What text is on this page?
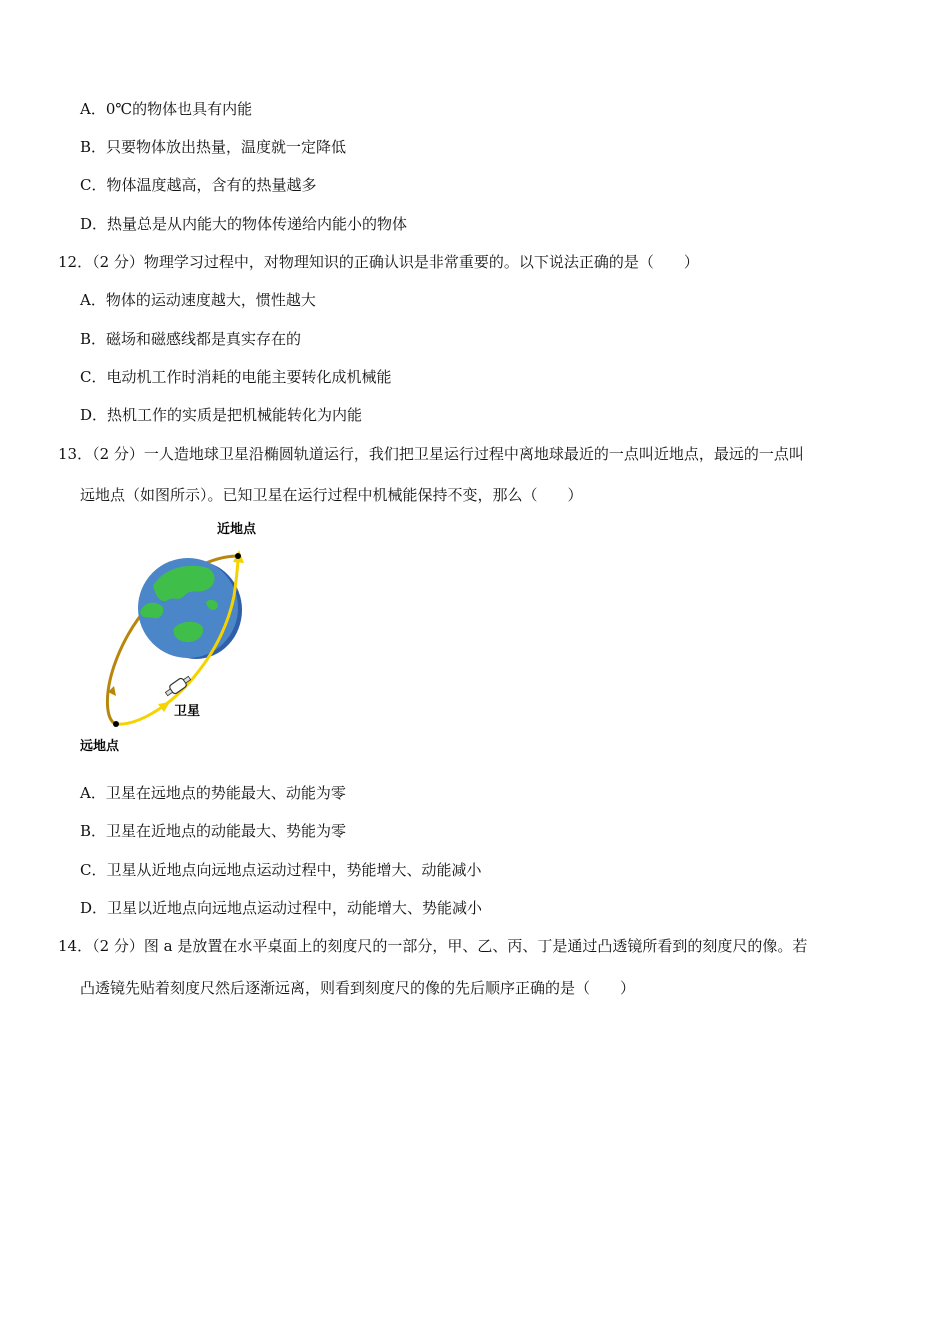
A．0℃的物体也具有内能
B．只要物体放出热量，温度就一定降低
C．物体温度越高，含有的热量越多
D．热量总是从内能大的物体传递给内能小的物体
12．（2 分）物理学习过程中，对物理知识的正确认识是非常重要的。以下说法正确的是（　　）
A．物体的运动速度越大，惯性越大
B．磁场和磁感线都是真实存在的
C．电动机工作时消耗的电能主要转化成机械能
D．热机工作的实质是把机械能转化为内能
13．（2 分）一人造地球卫星沿椭圆轨道运行，我们把卫星运行过程中离地球最近的一点叫近地点，最远的一点叫
远地点（如图所示）。已知卫星在运行过程中机械能保持不变，那么（　　）
近地点
卫星
远地点
A．卫星在远地点的势能最大、动能为零
B．卫星在近地点的动能最大、势能为零
C．卫星从近地点向远地点运动过程中，势能增大、动能减小
D．卫星以近地点向远地点运动过程中，动能增大、势能减小
14．（2 分）图 a 是放置在水平桌面上的刻度尺的一部分，甲、乙、丙、丁是通过凸透镜所看到的刻度尺的像。若
凸透镜先贴着刻度尺然后逐渐远离，则看到刻度尺的像的先后顺序正确的是（　　）
